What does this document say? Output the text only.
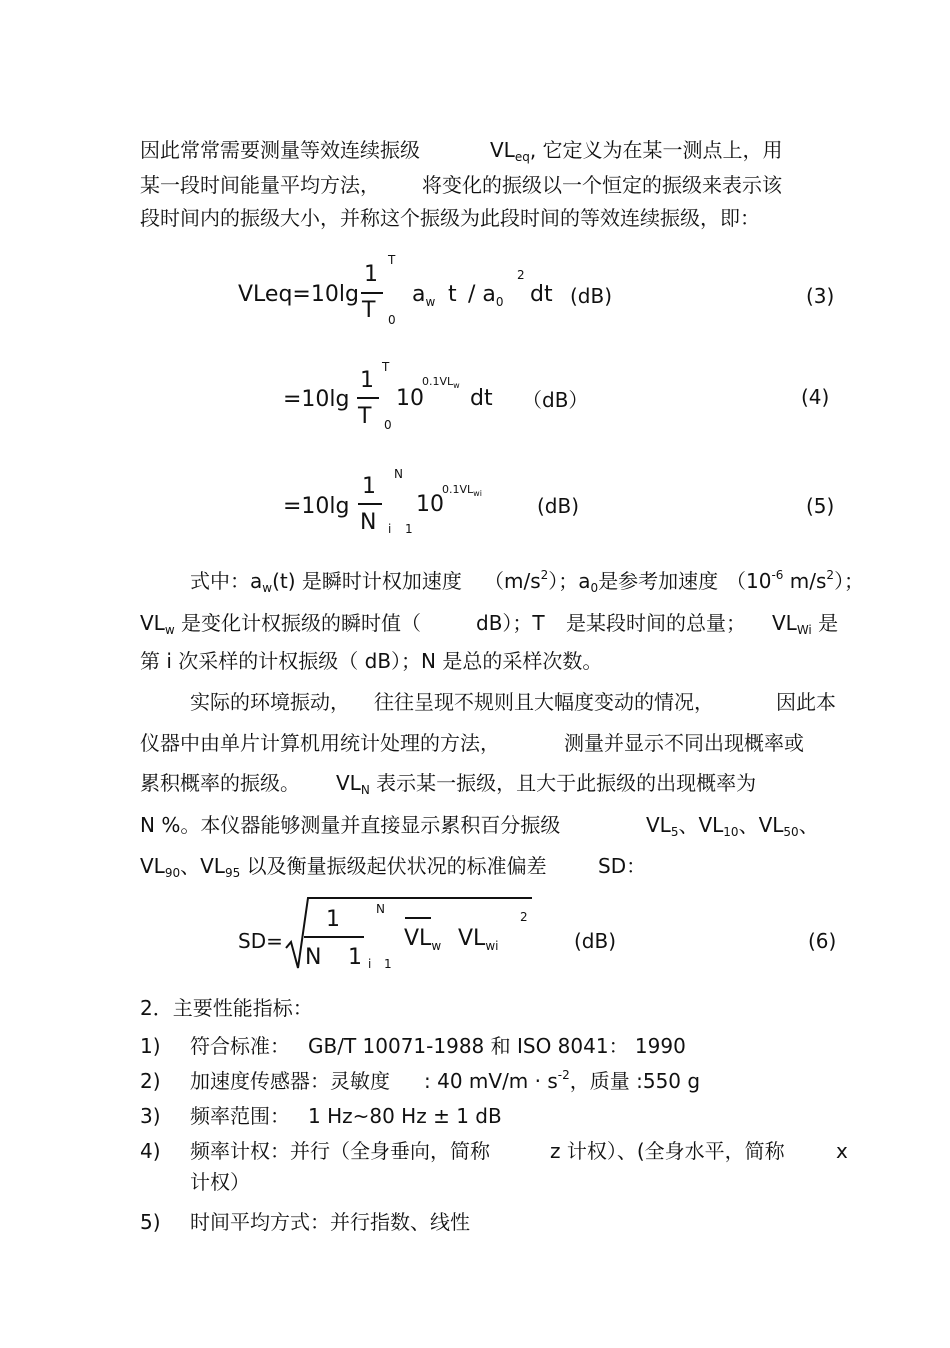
因此常常需要测量等效连续振级	$VL_{eq}$, 它定义为在某一测点上，用
某一段时间能量平均方法， 将变化的振级以一个恒定的振级来表示该
段时间内的振级大小，并称这个振级为此段时间的等效连续振级，即：
VLeq=10lg
1
T
T
0
$a_w$ t / $a_0$
2
dt (dB)	(3)
=10lg
1
T
T
0
10
$0.1VL_w$
dt （dB）	(4)
=10lg
1
N
N
i 1
10
$0.1VL_{wi}$
(dB)	(5)
式中：$a_w(t)$ 是瞬时计权加速度 $(m/s^2)$；$a_0$是参考加速度 （$10^{-6}$ $m/s^2$）；
$VL_w$ 是变化计权振级的瞬时值（	dB）；T 是某段时间的总量； $VL_{Wi}$ 是
第 i 次采样的计权振级（ dB）；N 是总的采样次数。
实际的环境振动， 往往呈现不规则且大幅度变动的情况，	因此本
仪器中由单片计算机用统计处理的方法，	测量并显示不同出现概率或
累积概率的振级。 $VL_N$ 表示某一振级，且大于此振级的出现概率为
N %。本仪器能够测量并直接显示累积百分振级	$VL_5$、$VL_{10}$、$VL_{50}$、
$VL_{90}$、$VL_{95}$ 以及衡量振级起伏状况的标准偏差	SD：
SD=
1
N 1
N
i 1
$VL_w$ $VL_{wi}$
2
(dB)	(6)
2．主要性能指标：
1) 符合标准： GB/T 10071-1988 和 ISO 8041： 1990
2) 加速度传感器：灵敏度 : 40 $mV/m \cdot s^{-2}$，质量 :550 g
3) 频率范围： 1 Hz~80 Hz ± 1 dB
4) 频率计权：并行（全身垂向，简称	z 计权）、(全身水平，简称	x
计权）
5) 时间平均方式：并行指数、线性
